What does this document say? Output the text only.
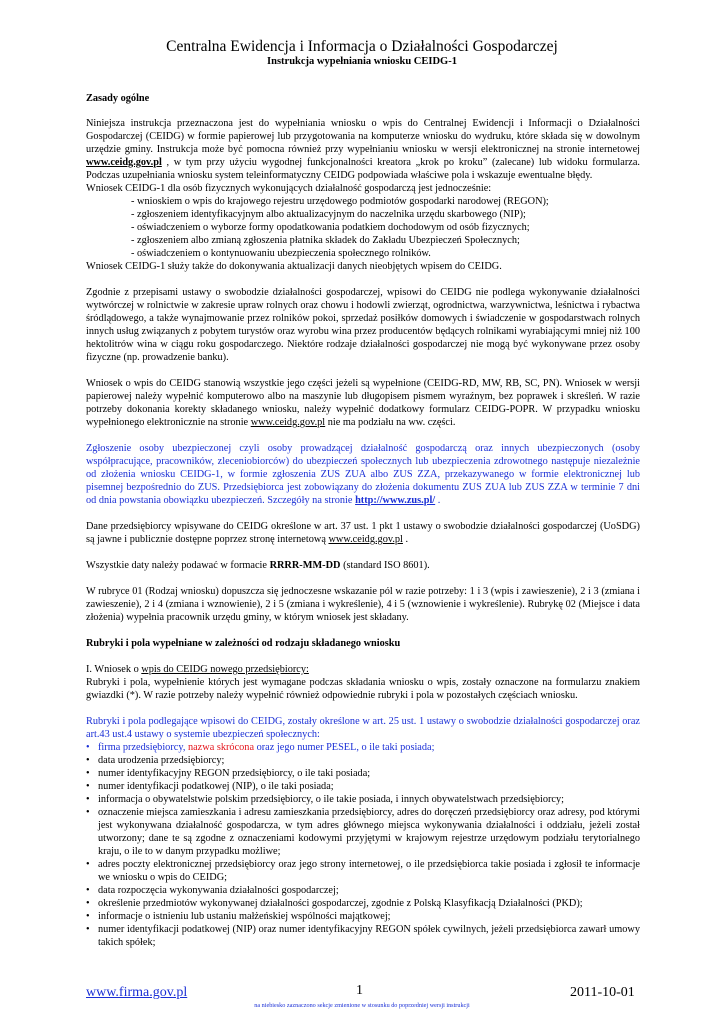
Centralna Ewidencja i Informacja o Działalności Gospodarczej
Instrukcja wypełniania wniosku CEIDG-1

Zasady ogólne

Niniejsza instrukcja przeznaczona jest do wypełniania wniosku o wpis do Centralnej Ewidencji i Informacji o Działalności Gospodarczej (CEIDG) w formie papierowej lub przygotowania na komputerze wniosku do wydruku, które składa się w dowolnym urzędzie gminy. Instrukcja może być pomocna również przy wypełnianiu wniosku w wersji elektronicznej na stronie internetowej www.ceidg.gov.pl , w tym przy użyciu wygodnej funkcjonalności kreatora „krok po kroku” (zalecane) lub widoku formularza. Podczas uzupełniania wniosku system teleinformatyczny CEIDG podpowiada właściwe pola i wskazuje ewentualne błędy.

Wniosek CEIDG-1 dla osób fizycznych wykonujących działalność gospodarczą jest jednocześnie:

- wnioskiem o wpis do krajowego rejestru urzędowego podmiotów gospodarki narodowej (REGON);

- zgłoszeniem identyfikacyjnym albo aktualizacyjnym do naczelnika urzędu skarbowego (NIP);

- oświadczeniem o wyborze formy opodatkowania podatkiem dochodowym od osób fizycznych;

- zgłoszeniem albo zmianą zgłoszenia płatnika składek do Zakładu Ubezpieczeń Społecznych;

- oświadczeniem o kontynuowaniu ubezpieczenia społecznego rolników.

Wniosek CEIDG-1 służy także do dokonywania aktualizacji danych nieobjętych wpisem do CEIDG.

Zgodnie z przepisami ustawy o swobodzie działalności gospodarczej, wpisowi do CEIDG nie podlega wykonywanie działalności wytwórczej w rolnictwie w zakresie upraw rolnych oraz chowu i hodowli zwierząt, ogrodnictwa, warzywnictwa, leśnictwa i rybactwa śródlądowego, a także wynajmowanie przez rolników pokoi, sprzedaż posiłków domowych i świadczenie w gospodarstwach rolnych innych usług związanych z pobytem turystów oraz wyrobu wina przez producentów będących rolnikami wyrabiającymi mniej niż 100 hektolitrów wina w ciągu roku gospodarczego. Niektóre rodzaje działalności gospodarczej nie mogą być wykonywane przez osoby fizyczne (np. prowadzenie banku).

Wniosek o wpis do CEIDG stanowią wszystkie jego części jeżeli są wypełnione (CEIDG-RD, MW, RB, SC, PN). Wniosek w wersji papierowej należy wypełnić komputerowo albo na maszynie lub długopisem pismem wyraźnym, bez poprawek i skreśleń. W razie potrzeby dokonania korekty składanego wniosku, należy wypełnić dodatkowy formularz CEIDG-POPR. W przypadku wniosku wypełnionego elektronicznie na stronie www.ceidg.gov.pl nie ma podziału na ww. części.

Zgłoszenie osoby ubezpieczonej czyli osoby prowadzącej działalność gospodarczą oraz innych ubezpieczonych (osoby współpracujące, pracowników, zleceniobiorców) do ubezpieczeń społecznych lub ubezpieczenia zdrowotnego następuje niezależnie od złożenia wniosku CEIDG-1, w formie zgłoszenia ZUS ZUA albo ZUS ZZA, przekazywanego w formie elektronicznej lub pisemnej bezpośrednio do ZUS. Przedsiębiorca jest zobowiązany do złożenia dokumentu ZUS ZUA lub ZUS ZZA w terminie 7 dni od dnia powstania obowiązku ubezpieczeń. Szczegóły na stronie http://www.zus.pl/ .

Dane przedsiębiorcy wpisywane do CEIDG określone w art. 37 ust. 1 pkt 1 ustawy o swobodzie działalności gospodarczej (UoSDG) są jawne i publicznie dostępne poprzez stronę internetową www.ceidg.gov.pl .

Wszystkie daty należy podawać w formacie RRRR-MM-DD (standard ISO 8601).

W rubryce 01 (Rodzaj wniosku) dopuszcza się jednoczesne wskazanie pól w razie potrzeby: 1 i 3 (wpis i zawieszenie), 2 i 3 (zmiana i zawieszenie), 2 i 4 (zmiana i wznowienie), 2 i 5 (zmiana i wykreślenie), 4 i 5 (wznowienie i wykreślenie). Rubrykę 02 (Miejsce i data złożenia) wypełnia pracownik urzędu gminy, w którym wniosek jest składany.

Rubryki i pola wypełniane w zależności od rodzaju składanego wniosku

I. Wniosek o wpis do CEIDG nowego przedsiębiorcy:

Rubryki i pola, wypełnienie których jest wymagane podczas składania wniosku o wpis, zostały oznaczone na formularzu znakiem gwiazdki (*). W razie potrzeby należy wypełnić również odpowiednie rubryki i pola w pozostałych częściach wniosku.

Rubryki i pola podlegające wpisowi do CEIDG, zostały określone w art. 25 ust. 1 ustawy o swobodzie działalności gospodarczej oraz art.43 ust.4 ustawy o systemie ubezpieczeń społecznych:

• firma przedsiębiorcy, nazwa skrócona oraz jego numer PESEL, o ile taki posiada;
• data urodzenia przedsiębiorcy;
• numer identyfikacyjny REGON przedsiębiorcy, o ile taki posiada;
• numer identyfikacji podatkowej (NIP), o ile taki posiada;
• informacja o obywatelstwie polskim przedsiębiorcy, o ile takie posiada, i innych obywatelstwach przedsiębiorcy;
• oznaczenie miejsca zamieszkania i adresu zamieszkania przedsiębiorcy, adres do doręczeń przedsiębiorcy oraz adresy, pod którymi jest wykonywana działalność gospodarcza, w tym adres głównego miejsca wykonywania działalności i oddziału, jeżeli został utworzony; dane te są zgodne z oznaczeniami kodowymi przyjętymi w krajowym rejestrze urzędowym podziału terytorialnego kraju, o ile to w danym przypadku możliwe;
• adres poczty elektronicznej przedsiębiorcy oraz jego strony internetowej, o ile przedsiębiorca takie posiada i zgłosił te informacje we wniosku o wpis do CEIDG;
• data rozpoczęcia wykonywania działalności gospodarczej;
• określenie przedmiotów wykonywanej działalności gospodarczej, zgodnie z Polską Klasyfikacją Działalności (PKD);
• informacje o istnieniu lub ustaniu małżeńskiej wspólności majątkowej;
• numer identyfikacji podatkowej (NIP) oraz numer identyfikacyjny REGON spółek cywilnych, jeżeli przedsiębiorca zawarł umowy takich spółek;
www.firma.gov.pl	1	2011-10-01
na niebiesko zaznaczono sekcje zmienione w stosunku do poprzedniej wersji instrukcji
